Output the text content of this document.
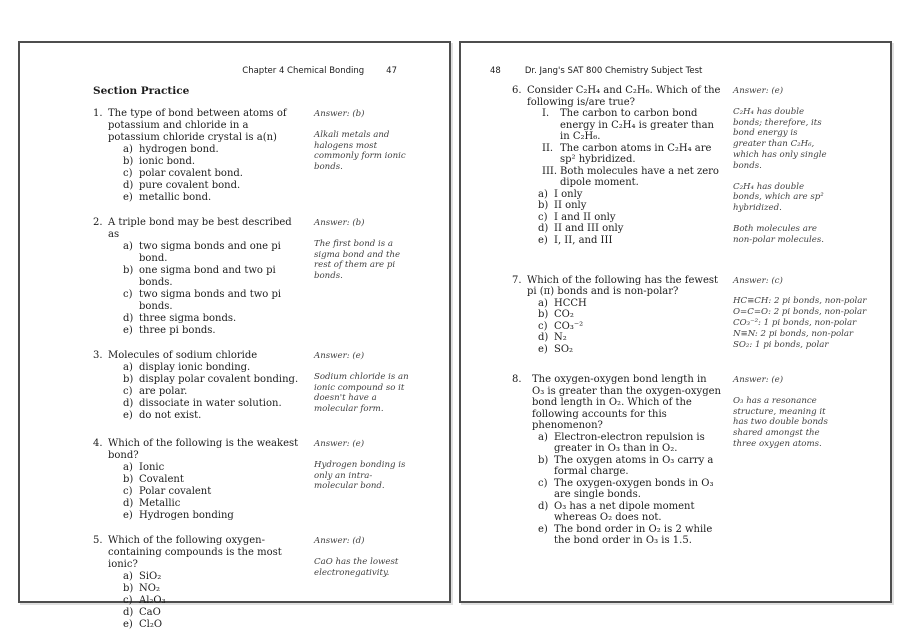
Chapter 4 Chemical Bonding	47
Section Practice
1. The type of bond between atoms of potassium and chloride in a potassium chloride crystal is a(n)
a) hydrogen bond.
b) ionic bond.
c) polar covalent bond.
d) pure covalent bond.
e) metallic bond.
Answer: (b)

Alkali metals and halogens most commonly form ionic bonds.

2. A triple bond may be best described as
a) two sigma bonds and one pi bond.
b) one sigma bond and two pi bonds.
c) two sigma bonds and two pi bonds.
d) three sigma bonds.
e) three pi bonds.
Answer: (b)

The first bond is a sigma bond and the rest of them are pi bonds.

3. Molecules of sodium chloride
a) display ionic bonding.
b) display polar covalent bonding.
c) are polar.
d) dissociate in water solution.
e) do not exist.
Answer: (e)

Sodium chloride is an ionic compound so it doesn't have a molecular form.

4. Which of the following is the weakest bond?
a) Ionic
b) Covalent
c) Polar covalent
d) Metallic
e) Hydrogen bonding
Answer: (e)

Hydrogen bonding is only an intra-molecular bond.

5. Which of the following oxygen-containing compounds is the most ionic?
a) SiO₂
b) NO₂
c) Al₂O₃
d) CaO
e) Cl₂O
Answer: (d)

CaO has the lowest electronegativity.

48	Dr. Jang's SAT 800 Chemistry Subject Test
6. Consider C₂H₄ and C₂H₆. Which of the following is/are true?
I.	The carbon to carbon bond energy in C₂H₄ is greater than in C₂H₆.
II. The carbon atoms in C₂H₄ are sp² hybridized.
III. Both molecules have a net zero dipole moment.
a) I only
b) II only
c) I and II only
d) II and III only
e) I, II, and III
Answer: (e)

C₂H₄ has double bonds; therefore, its bond energy is greater than C₂H₆, which has only single bonds.

C₂H₄ has double bonds, which are sp² hybridized.

Both molecules are non-polar molecules.

7. Which of the following has the fewest pi (π) bonds and is non-polar?
a) HCCH
b) CO₂
c) CO₃⁻²
d) N₂
e) SO₂
Answer: (c)
HC≡CH: 2 pi bonds, non-polar
O=C=O: 2 pi bonds, non-polar
CO₃⁻²: 1 pi bonds, non-polar
N≡N: 2 pi bonds, non-polar
SO₂: 1 pi bonds, polar
8.	The oxygen-oxygen bond length in O₃ is greater than the oxygen-oxygen bond length in O₂. Which of the following accounts for this phenomenon?
a) Electron-electron repulsion is greater in O₃ than in O₂.
b) The oxygen atoms in O₃ carry a formal charge.
c) The oxygen-oxygen bonds in O₃ are single bonds.
d) O₃ has a net dipole moment whereas O₂ does not.
e) The bond order in O₂ is 2 while the bond order in O₃ is 1.5.
Answer: (e)

O₃ has a resonance structure, meaning it has two double bonds shared amongst the three oxygen atoms.
